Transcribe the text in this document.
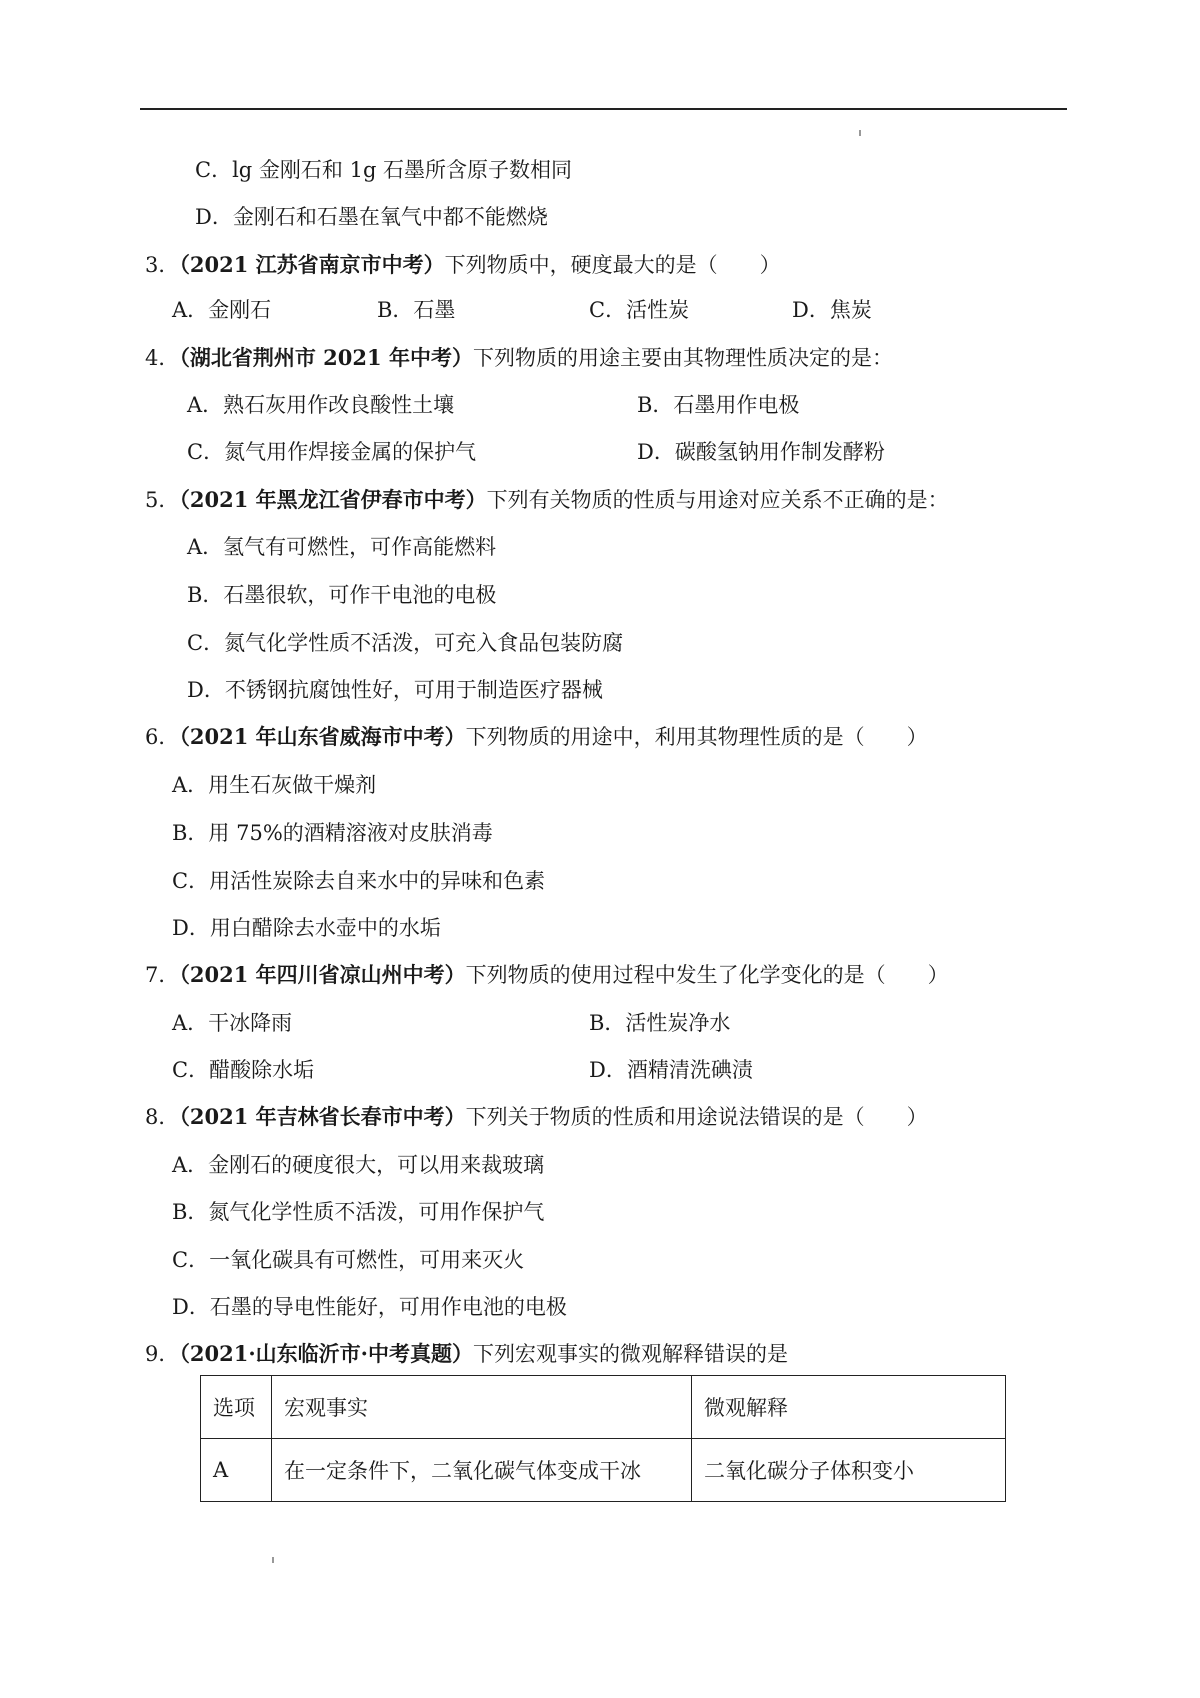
C．lg 金刚石和 1g 石墨所含原子数相同
D．金刚石和石墨在氧气中都不能燃烧
3．（2021 江苏省南京市中考）下列物质中，硬度最大的是（　　）
A．金刚石	B．石墨	C．活性炭	D．焦炭
4．（湖北省荆州市 2021 年中考）下列物质的用途主要由其物理性质决定的是：
A．熟石灰用作改良酸性土壤	B．石墨用作电极
C．氮气用作焊接金属的保护气	D．碳酸氢钠用作制发酵粉
5．（2021 年黑龙江省伊春市中考）下列有关物质的性质与用途对应关系不正确的是：
A．氢气有可燃性，可作高能燃料
B．石墨很软，可作干电池的电极
C．氮气化学性质不活泼，可充入食品包装防腐
D．不锈钢抗腐蚀性好，可用于制造医疗器械
6．（2021 年山东省威海市中考）下列物质的用途中，利用其物理性质的是（　　）
A．用生石灰做干燥剂
B．用 75%的酒精溶液对皮肤消毒
C．用活性炭除去自来水中的异味和色素
D．用白醋除去水壶中的水垢
7．（2021 年四川省凉山州中考）下列物质的使用过程中发生了化学变化的是（　　）
A．干冰降雨	B．活性炭净水
C．醋酸除水垢	D．酒精清洗碘渍
8．（2021 年吉林省长春市中考）下列关于物质的性质和用途说法错误的是（　　）
A．金刚石的硬度很大，可以用来裁玻璃
B．氮气化学性质不活泼，可用作保护气
C．一氧化碳具有可燃性，可用来灭火
D．石墨的导电性能好，可用作电池的电极
9．（2021·山东临沂市·中考真题）下列宏观事实的微观解释错误的是
选项	宏观事实	微观解释
A	在一定条件下，二氧化碳气体变成干冰	二氧化碳分子体积变小
